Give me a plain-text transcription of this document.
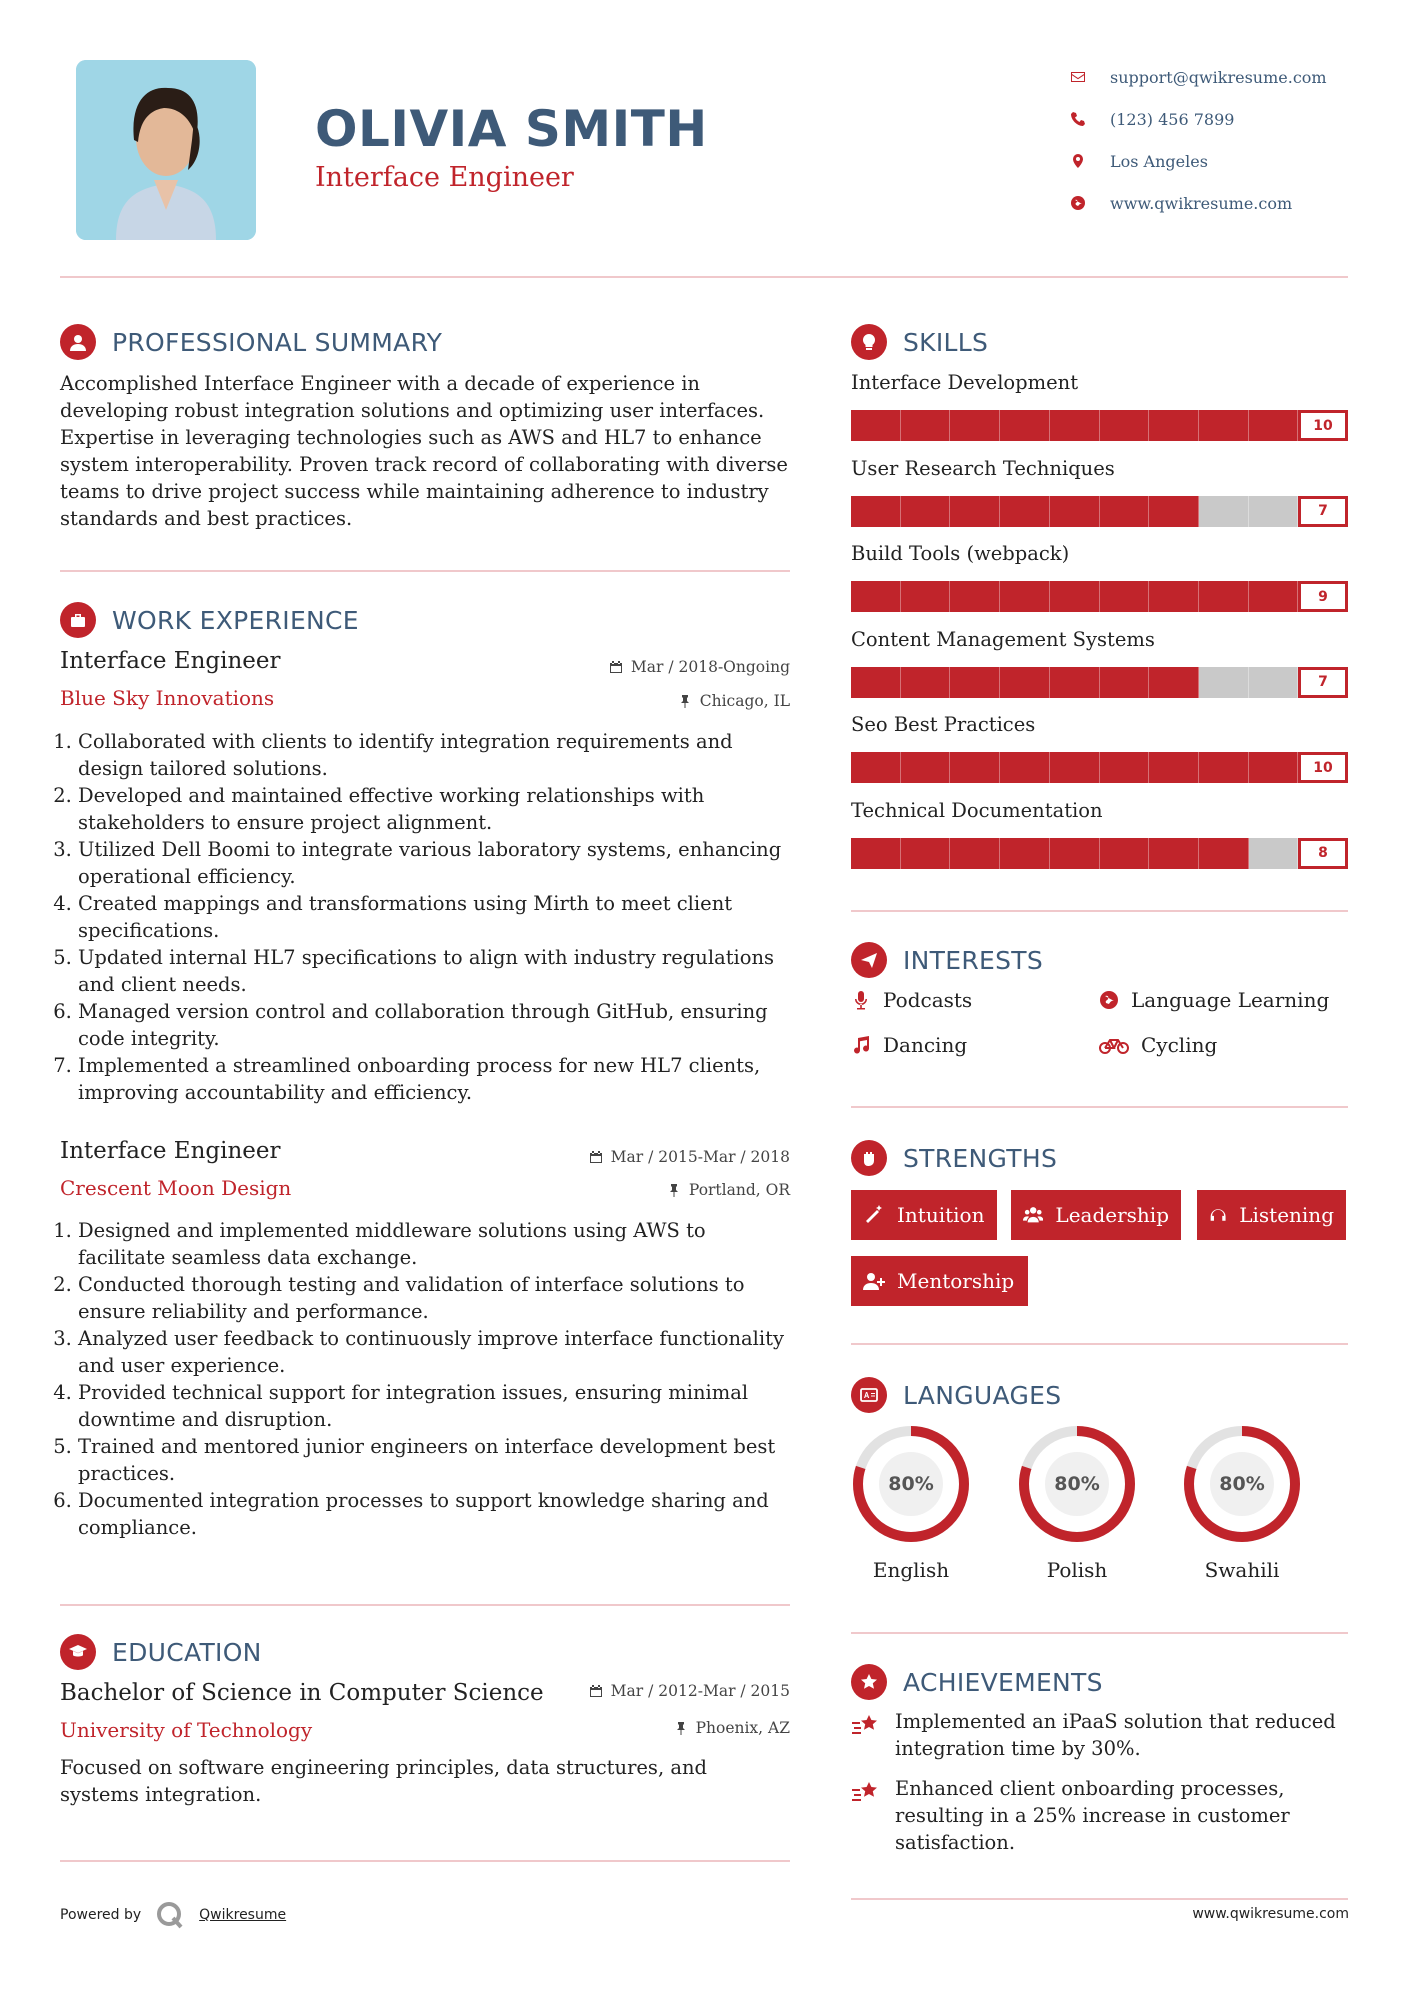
OLIVIA SMITH
Interface Engineer
support@qwikresume.com
(123) 456 7899
Los Angeles
www.qwikresume.com
PROFESSIONAL SUMMARY
Accomplished Interface Engineer with a decade of experience in developing robust integration solutions and optimizing user interfaces. Expertise in leveraging technologies such as AWS and HL7 to enhance system interoperability. Proven track record of collaborating with diverse teams to drive project success while maintaining adherence to industry standards and best practices.
WORK EXPERIENCE
Interface Engineer
Blue Sky Innovations
Mar / 2018-Ongoing
Chicago, IL
1. Collaborated with clients to identify integration requirements and design tailored solutions.
2. Developed and maintained effective working relationships with stakeholders to ensure project alignment.
3. Utilized Dell Boomi to integrate various laboratory systems, enhancing operational efficiency.
4. Created mappings and transformations using Mirth to meet client specifications.
5. Updated internal HL7 specifications to align with industry regulations and client needs.
6. Managed version control and collaboration through GitHub, ensuring code integrity.
7. Implemented a streamlined onboarding process for new HL7 clients, improving accountability and efficiency.
Interface Engineer
Crescent Moon Design
Mar / 2015-Mar / 2018
Portland, OR
1. Designed and implemented middleware solutions using AWS to facilitate seamless data exchange.
2. Conducted thorough testing and validation of interface solutions to ensure reliability and performance.
3. Analyzed user feedback to continuously improve interface functionality and user experience.
4. Provided technical support for integration issues, ensuring minimal downtime and disruption.
5. Trained and mentored junior engineers on interface development best practices.
6. Documented integration processes to support knowledge sharing and compliance.
EDUCATION
Bachelor of Science in Computer Science
University of Technology
Mar / 2012-Mar / 2015
Phoenix, AZ
Focused on software engineering principles, data structures, and systems integration.
SKILLS
Interface Development
10
User Research Techniques
7
Build Tools (webpack)
9
Content Management Systems
7
Seo Best Practices
10
Technical Documentation
8
INTERESTS
Podcasts	Language Learning
Dancing	Cycling
STRENGTHS
Intuition	Leadership	Listening
Mentorship
LANGUAGES
80%
English
80%
Polish
80%
Swahili
ACHIEVEMENTS
Implemented an iPaaS solution that reduced integration time by 30%.
Enhanced client onboarding processes, resulting in a 25% increase in customer satisfaction.
Powered by	Qwikresume	www.qwikresume.com
